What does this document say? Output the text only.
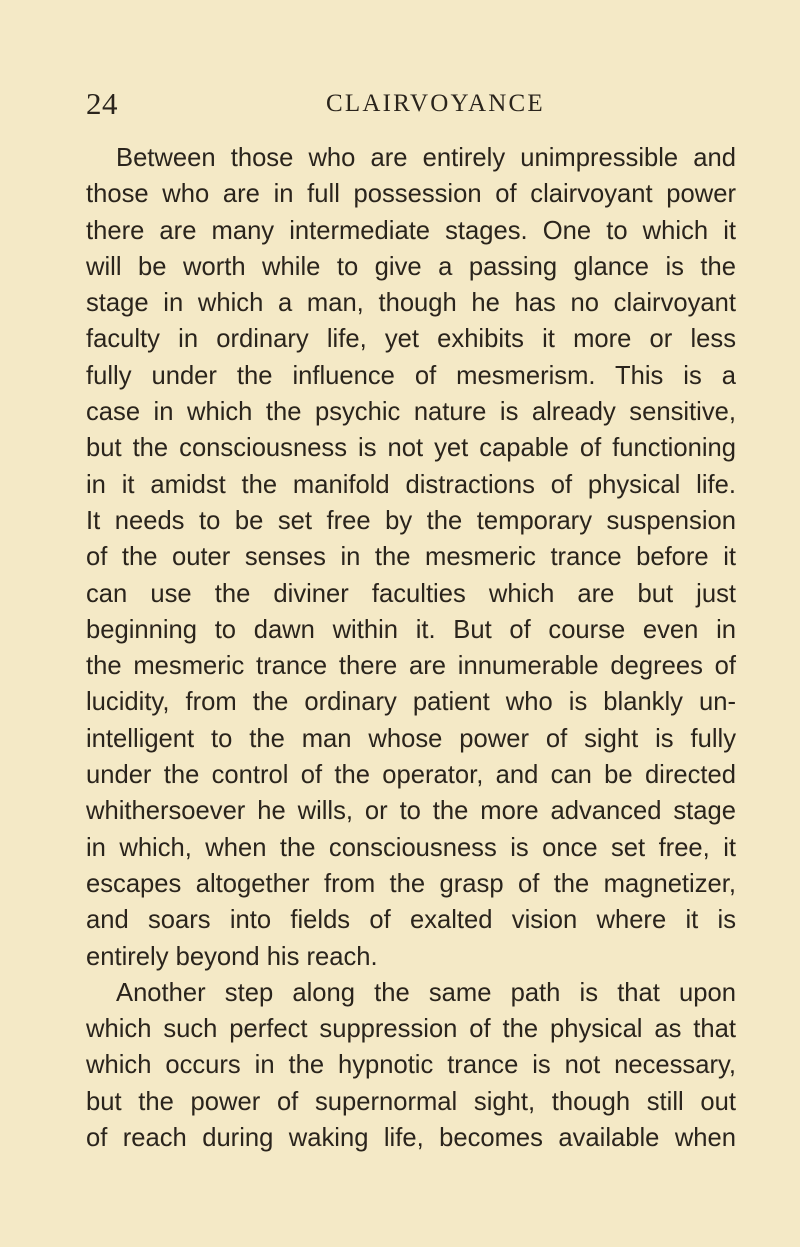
24	CLAIRVOYANCE
Between those who are entirely unimpressible and
those who are in full possession of clairvoyant power
there are many intermediate stages. One to which it
will be worth while to give a passing glance is the
stage in which a man, though he has no clairvoyant
faculty in ordinary life, yet exhibits it more or less
fully under the influence of mesmerism. This is a
case in which the psychic nature is already sensitive,
but the consciousness is not yet capable of functioning
in it amidst the manifold distractions of physical life.
It needs to be set free by the temporary suspension
of the outer senses in the mesmeric trance before it
can use the diviner faculties which are but just
beginning to dawn within it. But of course even in
the mesmeric trance there are innumerable degrees of
lucidity, from the ordinary patient who is blankly un-
intelligent to the man whose power of sight is fully
under the control of the operator, and can be directed
whithersoever he wills, or to the more advanced stage
in which, when the consciousness is once set free, it
escapes altogether from the grasp of the magnetizer,
and soars into fields of exalted vision where it is
entirely beyond his reach.
Another step along the same path is that upon
which such perfect suppression of the physical as that
which occurs in the hypnotic trance is not necessary,
but the power of supernormal sight, though still out
of reach during waking life, becomes available when
